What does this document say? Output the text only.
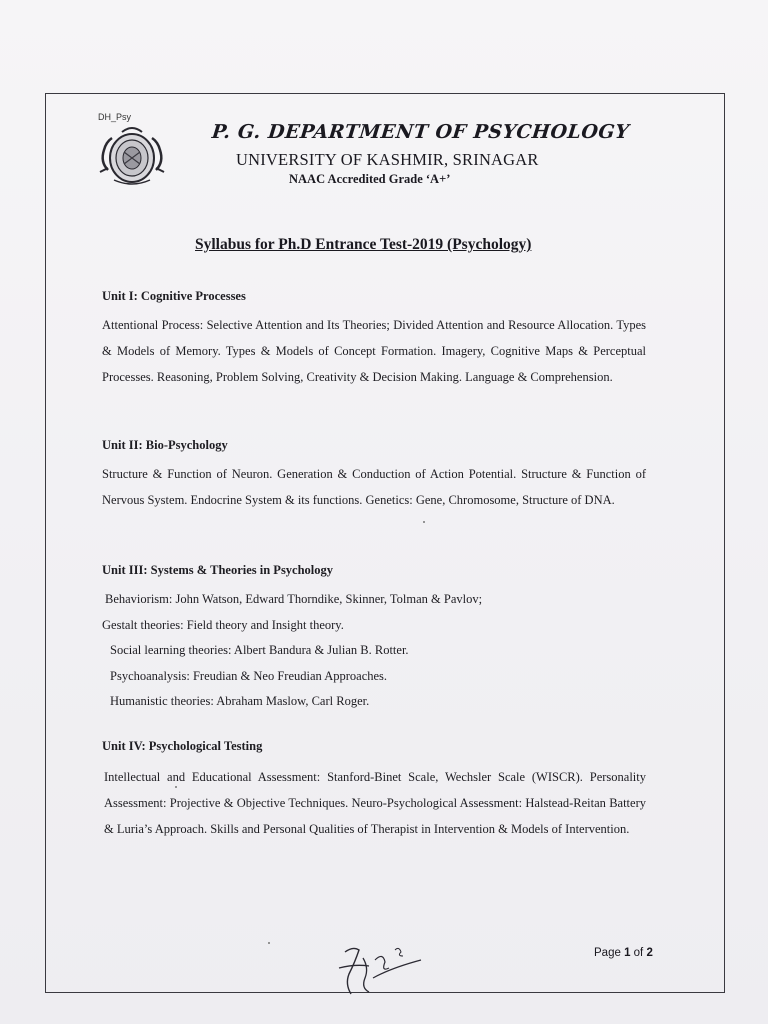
DH_Psy
P. G. DEPARTMENT OF PSYCHOLOGY
UNIVERSITY OF KASHMIR, SRINAGAR
NAAC Accredited Grade ‘A+’
Syllabus for Ph.D Entrance Test-2019 (Psychology)
Unit I: Cognitive Processes

Attentional Process: Selective Attention and Its Theories; Divided Attention and Resource Allocation. Types & Models of Memory. Types & Models of Concept Formation. Imagery, Cognitive Maps & Perceptual Processes. Reasoning, Problem Solving, Creativity & Decision Making. Language & Comprehension.

Unit II: Bio-Psychology

Structure & Function of Neuron. Generation & Conduction of Action Potential. Structure & Function of Nervous System. Endocrine System & its functions. Genetics: Gene, Chromosome, Structure of DNA.

Unit III: Systems & Theories in Psychology
Behaviorism: John Watson, Edward Thorndike, Skinner, Tolman & Pavlov;
Gestalt theories: Field theory and Insight theory.
Social learning theories: Albert Bandura & Julian B. Rotter.
Psychoanalysis: Freudian & Neo Freudian Approaches.
Humanistic theories: Abraham Maslow, Carl Roger.
Unit IV: Psychological Testing

Intellectual and Educational Assessment: Stanford-Binet Scale, Wechsler Scale (WISCR). Personality Assessment: Projective & Objective Techniques. Neuro-Psychological Assessment: Halstead-Reitan Battery & Luria’s Approach. Skills and Personal Qualities of Therapist in Intervention & Models of Intervention.

Page 1 of 2
